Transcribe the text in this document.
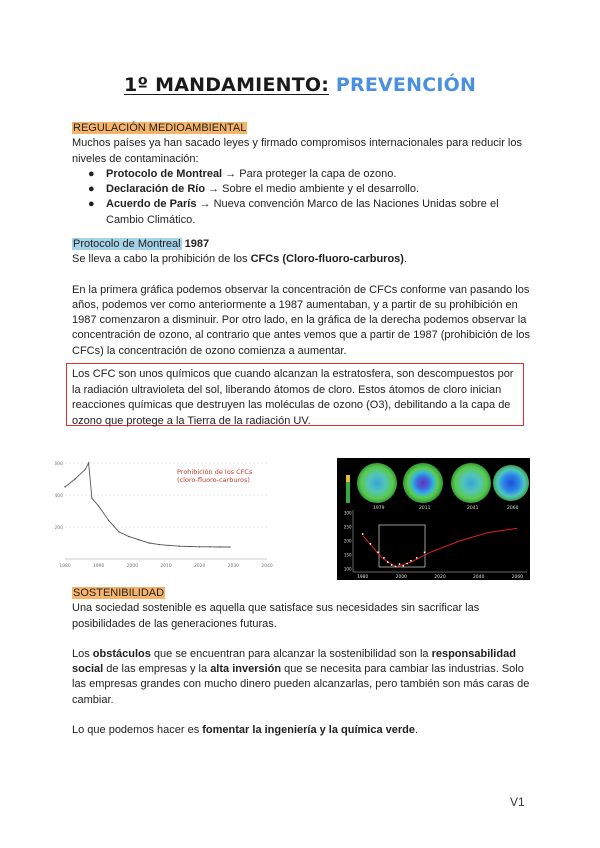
1º MANDAMIENTO: PREVENCIÓN

REGULACIÓN MEDIOAMBIENTAL

Muchos países ya han sacado leyes y firmado compromisos internacionales para reducir los niveles de contaminación:

● Protocolo de Montreal → Para proteger la capa de ozono.
● Declaración de Río → Sobre el medio ambiente y el desarrollo.
● Acuerdo de París → Nueva convención Marco de las Naciones Unidas sobre el Cambio Climático.

Protocolo de Montreal 1987

Se lleva a cabo la prohibición de los CFCs (Cloro-fluoro-carburos).

En la primera gráfica podemos observar la concentración de CFCs conforme van pasando los años, podemos ver como anteriormente a 1987 aumentaban, y a partir de su prohibición en 1987 comenzaron a disminuir. Por otro lado, en la gráfica de la derecha podemos observar la concentración de ozono, al contrario que antes vemos que a partir de 1987 (prohibición de los CFCs) la concentración de ozono comienza a aumentar.

Los CFC son unos químicos que cuando alcanzan la estratosfera, son descompuestos por la radiación ultravioleta del sol, liberando átomos de cloro. Estos átomos de cloro inician reacciones químicas que destruyen las moléculas de ozono (O3), debilitando a la capa de ozono que protege a la Tierra de la radiación UV.
600
400
200
1980	1990	2000	2010	2020	2030	2040
Prohibición de los CFCs
(cloro-fluoro-carburos)
1979	2011	2041	2060
300
250
200
150
100
1980	2000	2020	2040	2060

SOSTENIBILIDAD

Una sociedad sostenible es aquella que satisface sus necesidades sin sacrificar las posibilidades de las generaciones futuras.

Los obstáculos que se encuentran para alcanzar la sostenibilidad son la responsabilidad social de las empresas y la alta inversión que se necesita para cambiar las industrias. Solo las empresas grandes con mucho dinero pueden alcanzarlas, pero también son más caras de cambiar.

Lo que podemos hacer es fomentar la ingeniería y la química verde.

V1
